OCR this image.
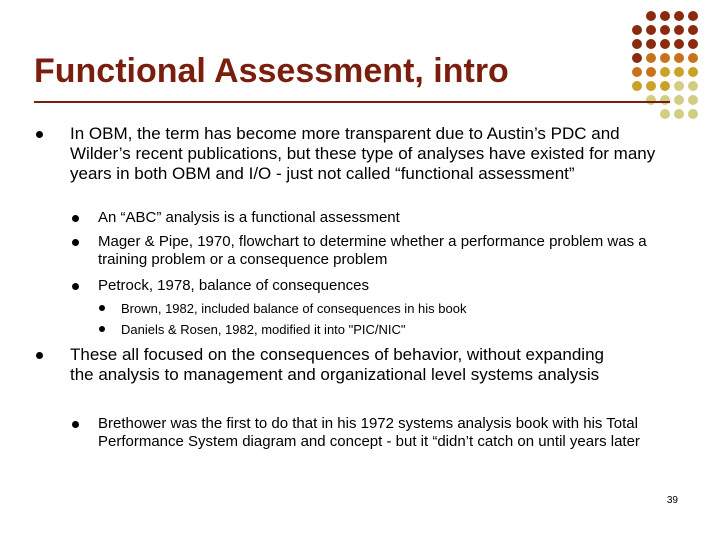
Functional Assessment, intro
In OBM, the term has become more transparent due to Austin’s PDC and Wilder’s recent publications, but these type of analyses have existed for many years in both OBM and I/O - just not called “functional assessment”
An “ABC” analysis is a functional assessment
Mager & Pipe, 1970, flowchart to determine whether a performance problem was a training problem or a consequence problem
Petrock, 1978, balance of consequences
Brown, 1982, included balance of consequences in his book
Daniels & Rosen, 1982, modified it into "PIC/NIC"
These all focused on the consequences of behavior, without expanding the analysis to management and organizational level systems analysis
Brethower was the first to do that in his 1972 systems analysis book with his Total Performance System diagram and concept - but it “didn’t catch on until years later
39
